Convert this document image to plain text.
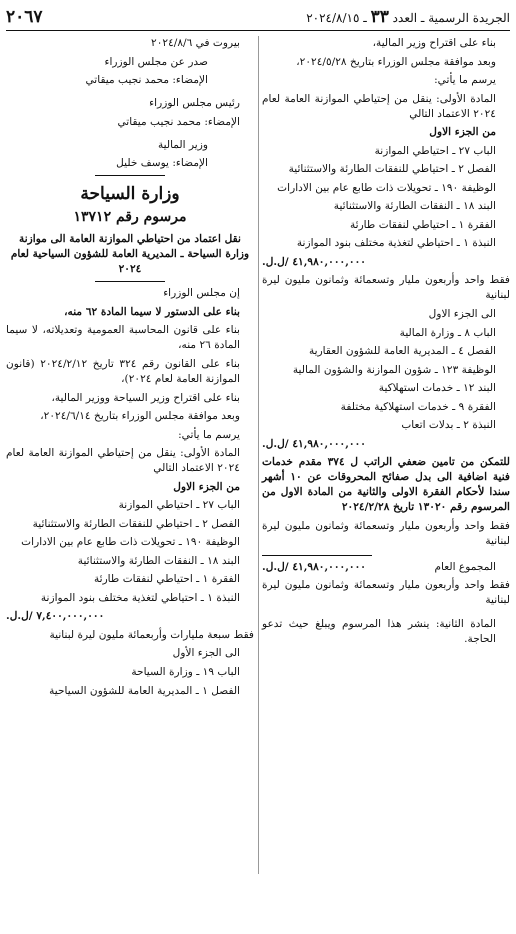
الجريدة الرسمية ـ العدد ٣٣ ـ ٢٠٢٤/٨/١٥
٢٠٦٧

بناء على اقتراح وزير المالية،

وبعد موافقة مجلس الوزراء بتاريخ ٢٠٢٤/٥/٢٨،

يرسم ما يأتي:

المادة الأولى: ينقل من إحتياطي الموازنة العامة لعام ٢٠٢٤ الاعتماد التالي

من الجزء الاول

الباب ٢٧ ـ احتياطي الموازنة

الفصل ٢ ـ احتياطي للنفقات الطارئة والاستثنائية

الوظيفة ١٩٠ ـ تحويلات ذات طابع عام بين الادارات

البند ١٨ ـ النفقات الطارئة والاستثنائية

الفقرة ١ ـ احتياطي لنفقات طارئة

النبذة ١ ـ احتياطي لتغذية مختلف بنود الموازنة

٤١,٩٨٠,٠٠٠,٠٠٠ /ل.ل.

فقط واحد وأربعون مليار وتسعمائة وثمانون مليون ليرة لبنانية

الى الجزء الاول

الباب ٨ ـ وزارة المالية

الفصل ٤ ـ المديرية العامة للشؤون العقارية

الوظيفة ١٢٣ ـ شؤون الموازنة والشؤون المالية

البند ١٢ ـ خدمات استهلاكية

الفقرة ٩ ـ خدمات استهلاكية مختلفة

النبذة ٢ ـ بدلات اتعاب

٤١,٩٨٠,٠٠٠,٠٠٠ /ل.ل.

للتمكن من تامين ضعفي الراتب ل ٣٧٤ مقدم خدمات فنية اضافية الى بدل صفائح المحروقات عن ١٠ أشهر سندا لأحكام الفقرة الاولى والثانية من المادة الاول من المرسوم رقم ١٣٠٢٠ تاريخ ٢٠٢٤/٢/٢٨

فقط واحد وأربعون مليار وتسعمائة وثمانون مليون ليرة لبنانية

المجموع العام
٤١,٩٨٠,٠٠٠,٠٠٠ /ل.ل.

فقط واحد وأربعون مليار وتسعمائة وثمانون مليون ليرة لبنانية

المادة الثانية: ينشر هذا المرسوم ويبلغ حيث تدعو الحاجة.

بيروت في ٢٠٢٤/٨/٦

صدر عن مجلس الوزراء

الإمضاء: محمد نجيب ميقاتي

رئيس مجلس الوزراء

الإمضاء: محمد نجيب ميقاتي

وزير المالية

الإمضاء: يوسف خليل

وزارة السياحة
مرسوم رقم ١٣٧١٢

نقل اعتماد من احتياطي الموازنة العامة الى موازنة وزارة السياحة ـ المديرية العامة للشؤون السياحية لعام ٢٠٢٤

إن مجلس الوزراء

بناء على الدستور لا سيما المادة ٦٢ منه،

بناء على قانون المحاسبة العمومية وتعديلاته، لا سيما المادة ٢٦ منه،

بناء على القانون رقم ٣٢٤ تاريخ ٢٠٢٤/٢/١٢ (قانون الموازنة العامة لعام ٢٠٢٤)،

بناء على اقتراح وزير السياحة ووزير المالية،

وبعد موافقة مجلس الوزراء بتاريخ ٢٠٢٤/٦/١٤،

يرسم ما يأتي:

المادة الأولى: ينقل من إحتياطي الموازنة العامة لعام ٢٠٢٤ الاعتماد التالي

من الجزء الاول

الباب ٢٧ ـ احتياطي الموازنة

الفصل ٢ ـ احتياطي للنفقات الطارئة والاستثنائية

الوظيفة ١٩٠ ـ تحويلات ذات طابع عام بين الادارات

البند ١٨ ـ النفقات الطارئة والاستثنائية

الفقرة ١ ـ احتياطي لنفقات طارئة

النبذة ١ ـ احتياطي لتغذية مختلف بنود الموازنة

٧,٤٠٠,٠٠٠,٠٠٠ /ل.ل.

فقط سبعة مليارات وأربعمائة مليون ليرة لبنانية

الى الجزء الأول

الباب ١٩ ـ وزارة السياحة

الفصل ١ ـ المديرية العامة للشؤون السياحية
